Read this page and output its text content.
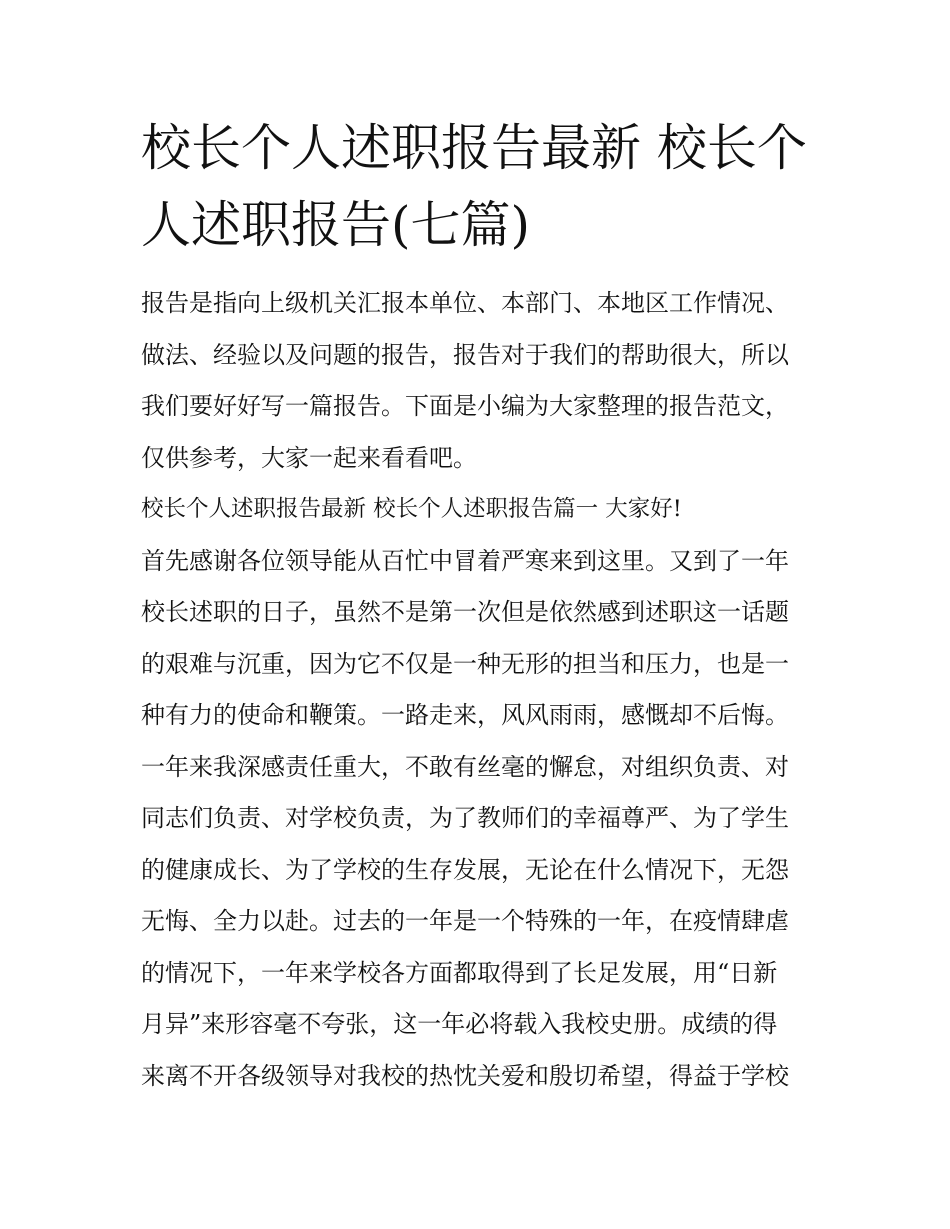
校长个人述职报告最新 校长个
人述职报告(七篇)
报告是指向上级机关汇报本单位、本部门、本地区工作情况、
做法、经验以及问题的报告，报告对于我们的帮助很大，所以
我们要好好写一篇报告。下面是小编为大家整理的报告范文，
仅供参考，大家一起来看看吧。
校长个人述职报告最新 校长个人述职报告篇一 大家好!
首先感谢各位领导能从百忙中冒着严寒来到这里。又到了一年
校长述职的日子，虽然不是第一次但是依然感到述职这一话题
的艰难与沉重，因为它不仅是一种无形的担当和压力，也是一
种有力的使命和鞭策。一路走来，风风雨雨，感慨却不后悔。
一年来我深感责任重大，不敢有丝毫的懈怠，对组织负责、对
同志们负责、对学校负责，为了教师们的幸福尊严、为了学生
的健康成长、为了学校的生存发展，无论在什么情况下，无怨
无悔、全力以赴。过去的一年是一个特殊的一年，在疫情肆虐
的情况下，一年来学校各方面都取得到了长足发展，用“日新
月异”来形容毫不夸张，这一年必将载入我校史册。成绩的得
来离不开各级领导对我校的热忱关爱和殷切希望，得益于学校
